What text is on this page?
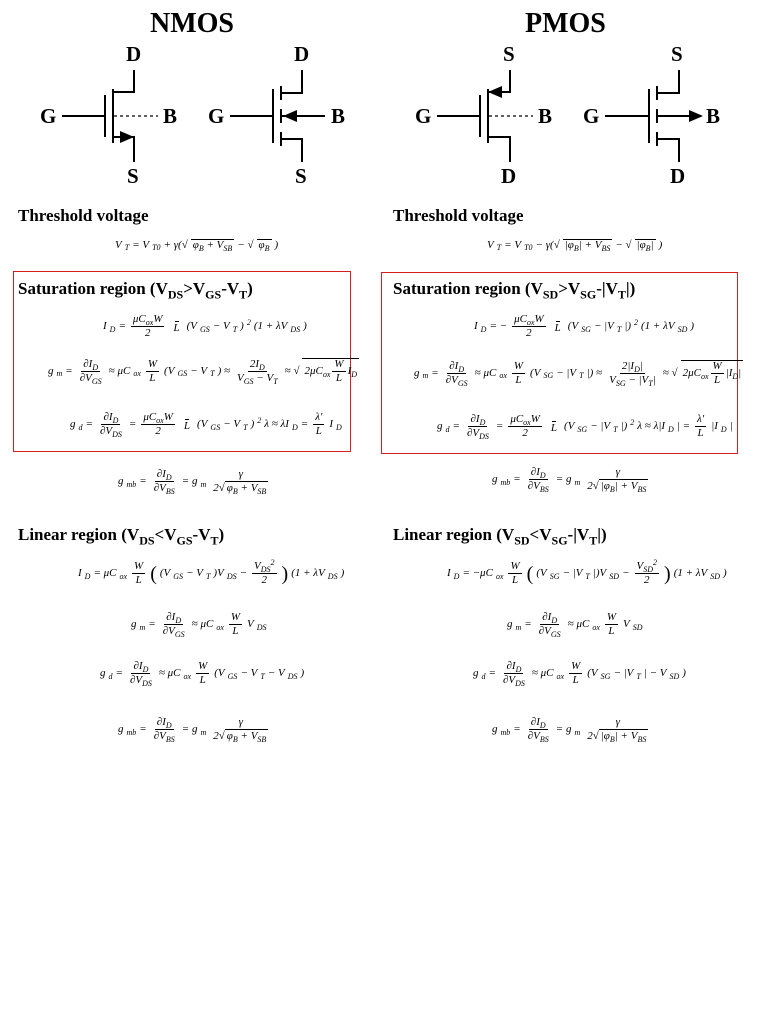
NMOS	PMOS
D
G	B
S
D
G	B
S
S
G	B
D
S
G	B
D
Threshold voltage	Threshold voltage
V T = V T0 + γ(√ $\varphi_B + V_{SB}$ − √ $\varphi_B$ )	V T = V T0 − γ(√ $|\varphi_B| + V_{BS}$ − √ $|\varphi_B|$ )
Saturation region $(V_{DS}>V_{GS}-V_T)$	Saturation region $(V_{SD}>V_{SG}-|V_T|)$
I D =
$\mu C_{ox}W$
2 L (V GS − V T ) 2 (1 + λV DS )
g m =
$\partial I_D$
$\partial V_{GS}$
≈ μC ox
W
L
(V GS − V T ) ≈
$2I_D$
$V_{GS} - V_T$
≈ √ $2\mu C_{ox} \frac{W}{L} I_D$
g d =
$\partial I_D$
$\partial V_{DS}$
=
$\mu C_{ox}W$
2 L (V GS − V T ) 2 λ ≈ λI D =
λ′
L
I D
I D = −
$\mu C_{ox}W$
2 L (V SG − |V T |) 2 (1 + λV SD )
g m =
$\partial I_D$
$\partial V_{GS}$
≈ μC ox
W
L
(V SG − |V T |) ≈
$2|I_D|$
$V_{SG} - |V_T|$
≈ √ $2\mu C_{ox} \frac{W}{L} |I_D|$
g d =
$\partial I_D$
$\partial V_{DS}$
=
$\mu C_{ox}W$
2 L (V SG − |V T |) 2 λ ≈ λ|I D | =
λ′
L
|I D |
g mb =
$\partial I_D$
$\partial V_{BS}$
= g m
γ
2√ $\varphi_B + V_{SB}$
g mb =
$\partial I_D$
$\partial V_{BS}$
= g m
γ
2√ $|\varphi_B| + V_{BS}$
Linear region $(V_{DS}<V_{GS}-V_T)$	Linear region $(V_{SD}<V_{SG}-|V_T|)$
I D = μC ox
W
L ( (V GS − V T )V DS −
$V_{DS}2$
2 ) (1 + λV DS )
g m =
$\partial I_D$
$\partial V_{GS}$
≈ μC ox
W
L
V DS
g d =
$\partial I_D$
$\partial V_{DS}$
≈ μC ox
W
L
(V GS − V T − V DS )
g mb =
$\partial I_D$
$\partial V_{BS}$
= g m
γ
2√ $\varphi_B + V_{SB}$
I D = −μC ox
W
L ( (V SG − |V T |)V SD −
$V_{SD}2$
2 ) (1 + λV SD )
g m =
$\partial I_D$
$\partial V_{GS}$
≈ μC ox
W
L
V SD
g d =
$\partial I_D$
$\partial V_{DS}$
≈ μC ox
W
L
(V SG − |V T | − V SD )
g mb =
$\partial I_D$
$\partial V_{BS}$
= g m
γ
2√ $|\varphi_B| + V_{BS}$
